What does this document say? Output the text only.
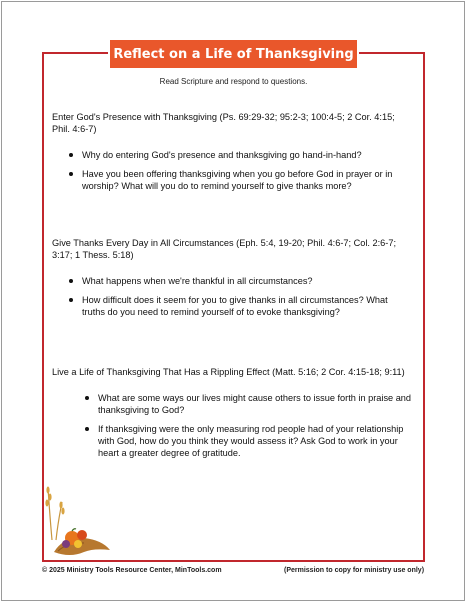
Reflect on a Life of Thanksgiving
Read Scripture and respond to questions.
Enter God's Presence with Thanksgiving (Ps. 69:29-32; 95:2-3; 100:4-5; 2 Cor. 4:15; Phil. 4:6-7)
Why do entering God's presence and thanksgiving go hand-in-hand?
Have you been offering thanksgiving when you go before God in prayer or in worship? What will you do to remind yourself to give thanks more?
Give Thanks Every Day in All Circumstances (Eph. 5:4, 19-20; Phil. 4:6-7; Col. 2:6-7; 3:17; 1 Thess. 5:18)
What happens when we're thankful in all circumstances?
How difficult does it seem for you to give thanks in all circumstances? What truths do you need to remind yourself of to evoke thanksgiving?
Live a Life of Thanksgiving That Has a Rippling Effect (Matt. 5:16; 2 Cor. 4:15-18; 9:11)
What are some ways our lives might cause others to issue forth in praise and thanksgiving to God?
If thanksgiving were the only measuring rod people had of your relationship with God, how do you think they would assess it? Ask God to work in your heart a greater degree of gratitude.
© 2025 Ministry Tools Resource Center, MinTools.com	(Permission to copy for ministry use only)
